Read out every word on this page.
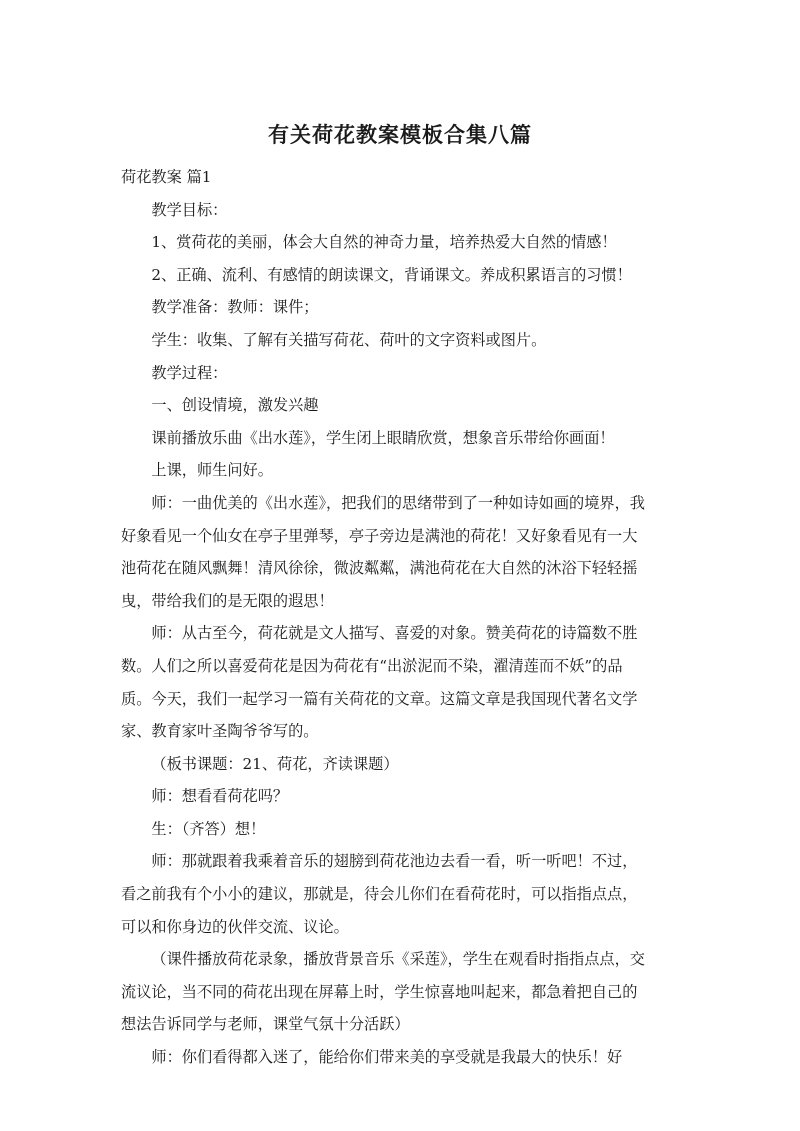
有关荷花教案模板合集八篇

荷花教案 篇1

教学目标：

1、赏荷花的美丽，体会大自然的神奇力量，培养热爱大自然的情感！

2、正确、流利、有感情的朗读课文，背诵课文。养成积累语言的习惯！

教学准备：教师：课件；

学生：收集、了解有关描写荷花、荷叶的文字资料或图片。

教学过程：

一、创设情境，激发兴趣

课前播放乐曲《出水莲》，学生闭上眼睛欣赏，想象音乐带给你画面！

上课，师生问好。

师：一曲优美的《出水莲》，把我们的思绪带到了一种如诗如画的境界，我
好象看见一个仙女在亭子里弹琴，亭子旁边是满池的荷花！又好象看见有一大
池荷花在随风飘舞！清风徐徐，微波粼粼，满池荷花在大自然的沐浴下轻轻摇
曳，带给我们的是无限的遐思！

师：从古至今，荷花就是文人描写、喜爱的对象。赞美荷花的诗篇数不胜
数。人们之所以喜爱荷花是因为荷花有“出淤泥而不染，濯清莲而不妖”的品
质。今天，我们一起学习一篇有关荷花的文章。这篇文章是我国现代著名文学
家、教育家叶圣陶爷爷写的。

（板书课题：21、荷花，齐读课题）

师：想看看荷花吗？

生：（齐答）想！

师：那就跟着我乘着音乐的翅膀到荷花池边去看一看，听一听吧！不过，
看之前我有个小小的建议，那就是，待会儿你们在看荷花时，可以指指点点，
可以和你身边的伙伴交流、议论。

（课件播放荷花录象，播放背景音乐《采莲》，学生在观看时指指点点，交
流议论，当不同的荷花出现在屏幕上时，学生惊喜地叫起来，都急着把自己的
想法告诉同学与老师，课堂气氛十分活跃）

师：你们看得都入迷了，能给你们带来美的享受就是我最大的快乐！好
